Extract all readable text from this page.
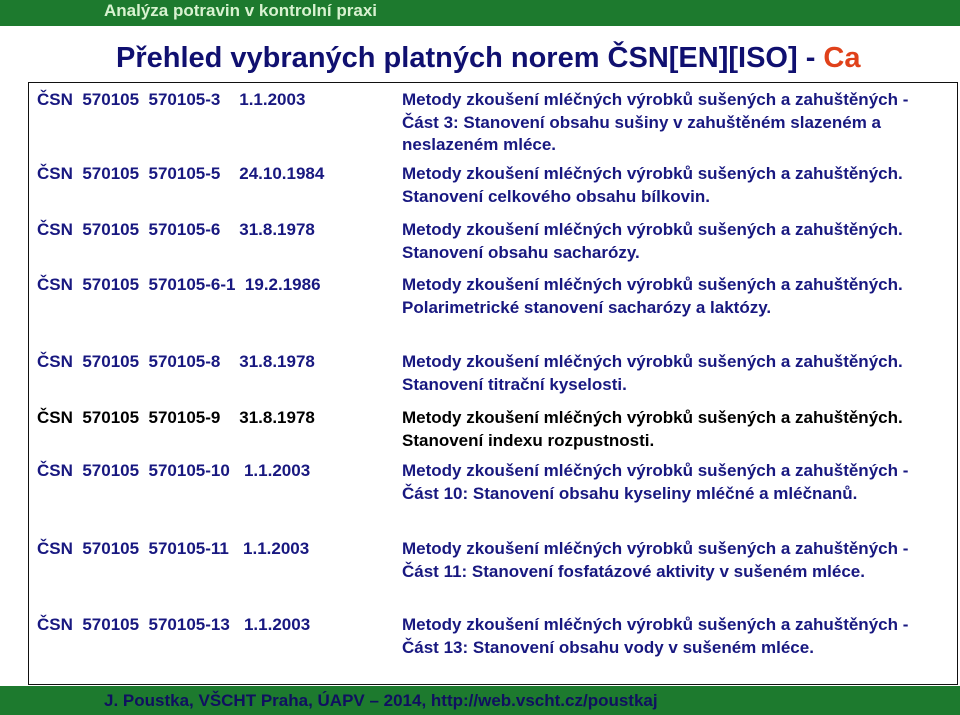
Analýza potravin v kontrolní praxi
Přehled vybraných platných norem ČSN[EN][ISO] - Ca
ČSN  570105  570105-3    1.1.2003	Metody zkoušení mléčných výrobků sušených a zahuštěných - Část 3: Stanovení obsahu sušiny v zahuštěném slazeném a neslazeném mléce.
ČSN  570105  570105-5    24.10.1984	Metody zkoušení mléčných výrobků sušených a zahuštěných. Stanovení celkového obsahu bílkovin.
ČSN  570105  570105-6    31.8.1978	Metody zkoušení mléčných výrobků sušených a zahuštěných. Stanovení obsahu sacharózy.
ČSN  570105  570105-6-1  19.2.1986	Metody zkoušení mléčných výrobků sušených a zahuštěných. Polarimetrické stanovení sacharózy a laktózy.
ČSN  570105  570105-8    31.8.1978	Metody zkoušení mléčných výrobků sušených a zahuštěných. Stanovení titrační kyselosti.
ČSN  570105  570105-9    31.8.1978	Metody zkoušení mléčných výrobků sušených a zahuštěných. Stanovení indexu rozpustnosti.
ČSN  570105  570105-10   1.1.2003	Metody zkoušení mléčných výrobků sušených a zahuštěných - Část 10: Stanovení obsahu kyseliny mléčné a mléčnanů.
ČSN  570105  570105-11   1.1.2003	Metody zkoušení mléčných výrobků sušených a zahuštěných - Část 11: Stanovení fosfatázové aktivity v sušeném mléce.
ČSN  570105  570105-13   1.1.2003	Metody zkoušení mléčných výrobků sušených a zahuštěných - Část 13: Stanovení obsahu vody v sušeném mléce.
J. Poustka, VŠCHT Praha, ÚAPV – 2014, http://web.vscht.cz/poustkaj
